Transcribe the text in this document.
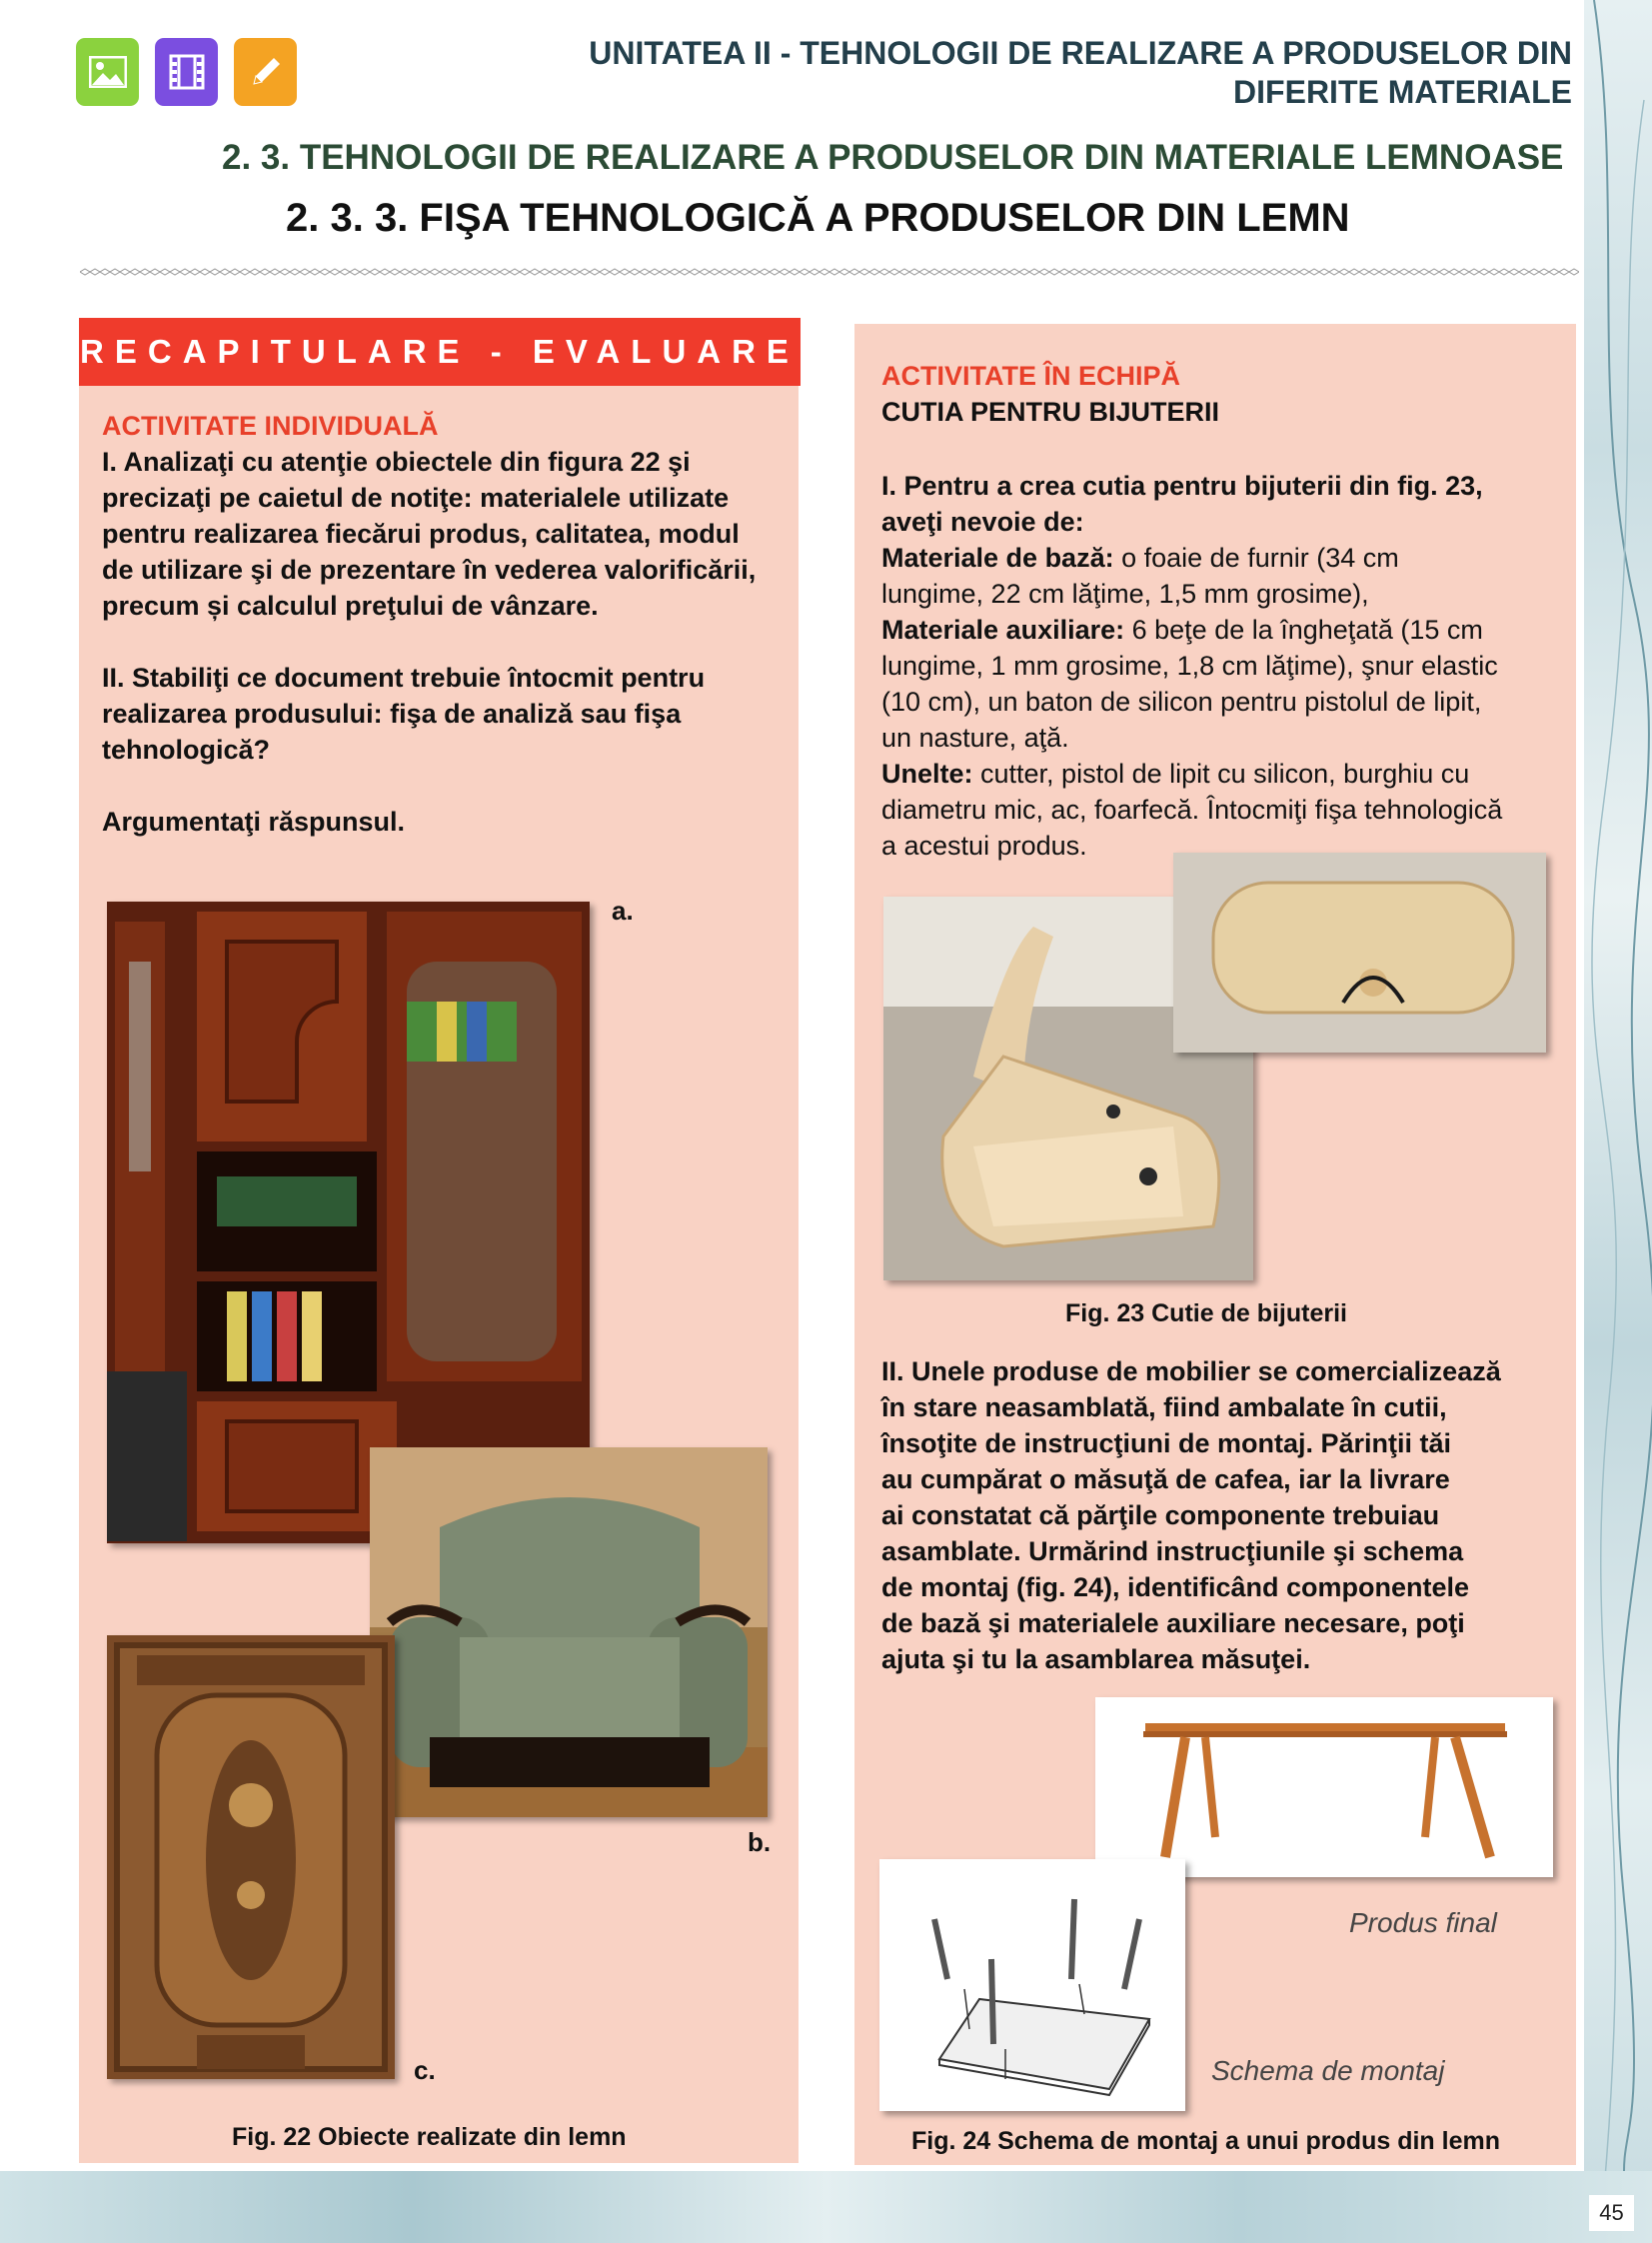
45
UNITATEA II - TEHNOLOGII DE REALIZARE A PRODUSELOR DIN
DIFERITE MATERIALE
2. 3. TEHNOLOGII DE REALIZARE A PRODUSELOR DIN MATERIALE LEMNOASE
2. 3. 3. FIŞA TEHNOLOGICĂ A PRODUSELOR DIN LEMN
RECAPITULARE - EVALUARE
ACTIVITATE INDIVIDUALĂ
I. Analizaţi cu atenţie obiectele din figura 22 şi
precizaţi pe caietul de notiţe: materialele utilizate
pentru realizarea fiecărui produs, calitatea, modul
de utilizare şi de prezentare în vederea valorificării,
precum și calculul preţului de vânzare.
II. Stabiliţi ce document trebuie întocmit pentru
realizarea produsului: fişa de analiză sau fişa
tehnologică?
Argumentaţi răspunsul.
a.
b.
c.
Fig. 22 Obiecte realizate din lemn
ACTIVITATE ÎN ECHIPĂ
CUTIA PENTRU BIJUTERII
I. Pentru a crea cutia pentru bijuterii din fig. 23,
aveţi nevoie de:
Materiale de bază: o foaie de furnir (34 cm
lungime, 22 cm lăţime, 1,5 mm grosime),
Materiale auxiliare: 6 beţe de la îngheţată (15 cm
lungime, 1 mm grosime, 1,8 cm lăţime), şnur elastic
(10 cm), un baton de silicon pentru pistolul de lipit,
un nasture, aţă.
Unelte: cutter, pistol de lipit cu silicon, burghiu cu
diametru mic, ac, foarfecă. Întocmiţi fişa tehnologică
a acestui produs.
Fig. 23 Cutie de bijuterii
II. Unele produse de mobilier se comercializează
în stare neasamblată, fiind ambalate în cutii,
însoţite de instrucţiuni de montaj. Părinţii tăi
au cumpărat o măsuţă de cafea, iar la livrare
ai constatat că părţile componente trebuiau
asamblate. Urmărind instrucţiunile şi schema
de montaj (fig. 24), identificând componentele
de bază şi materialele auxiliare necesare, poţi
ajuta şi tu la asamblarea măsuţei.
Produs final
Schema de montaj
Fig. 24 Schema de montaj a unui produs din lemn
